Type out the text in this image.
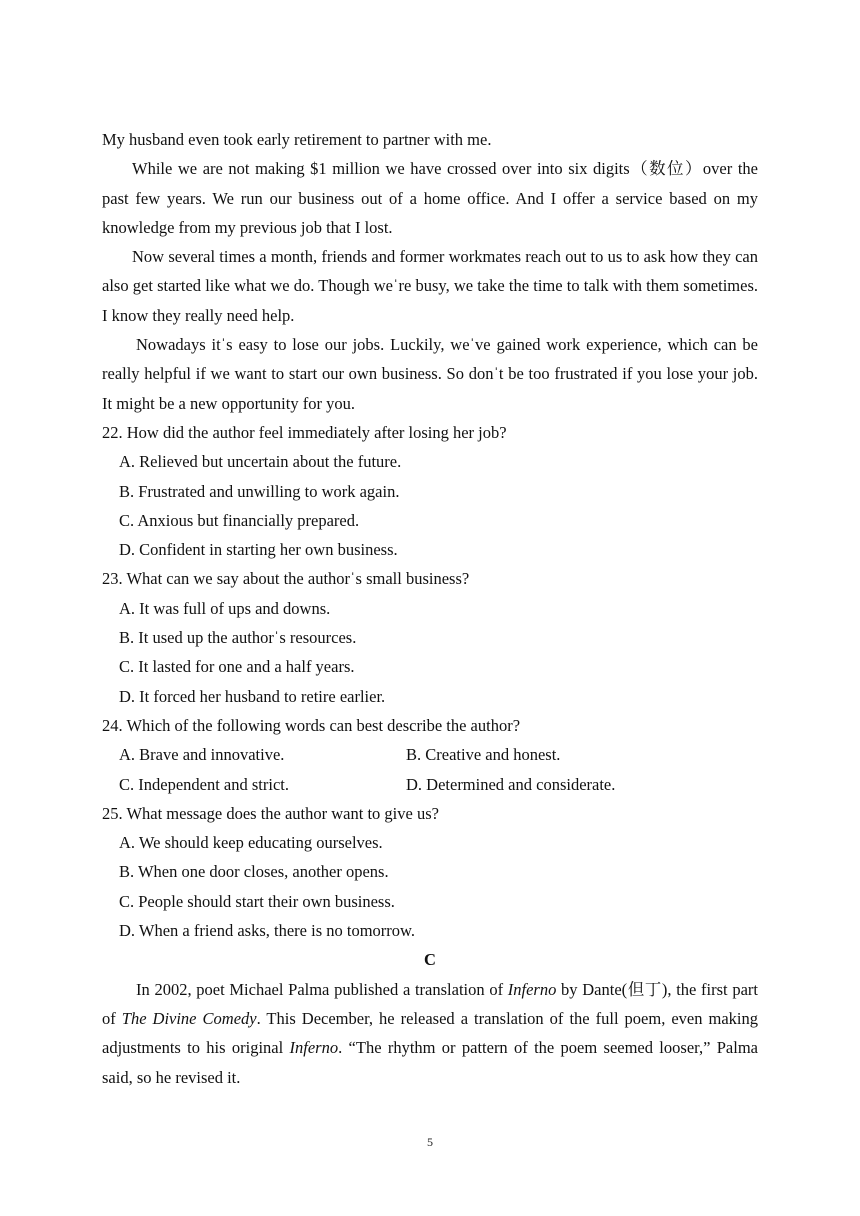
My husband even took early retirement to partner with me.

While we are not making $1 million we have crossed over into six digits（数位）over the past few years. We run our business out of a home office. And I offer a service based on my knowledge from my previous job that I lost.

Now several times a month, friends and former workmates reach out to us to ask how they can also get started like what we do. Though weˈre busy, we take the time to talk with them sometimes. I know they really need help.

Nowadays itˈs easy to lose our jobs. Luckily, weˈve gained work experience, which can be really helpful if we want to start our own business. So donˈt be too frustrated if you lose your job. It might be a new opportunity for you.

22. How did the author feel immediately after losing her job?

A. Relieved but uncertain about the future.

B. Frustrated and unwilling to work again.

C. Anxious but financially prepared.

D. Confident in starting her own business.

23. What can we say about the authorˈs small business?

A. It was full of ups and downs.

B. It used up the authorˈs resources.

C. It lasted for one and a half years.

D. It forced her husband to retire earlier.

24. Which of the following words can best describe the author?

A. Brave and innovative.	B. Creative and honest.
C. Independent and strict.	D. Determined and considerate.

25. What message does the author want to give us?

A. We should keep educating ourselves.

B. When one door closes, another opens.

C. People should start their own business.

D. When a friend asks, there is no tomorrow.

C

In 2002, poet Michael Palma published a translation of Inferno by Dante(但丁), the first part of The Divine Comedy. This December, he released a translation of the full poem, even making adjustments to his original Inferno. “The rhythm or pattern of the poem seemed looser,” Palma said, so he revised it.

5
